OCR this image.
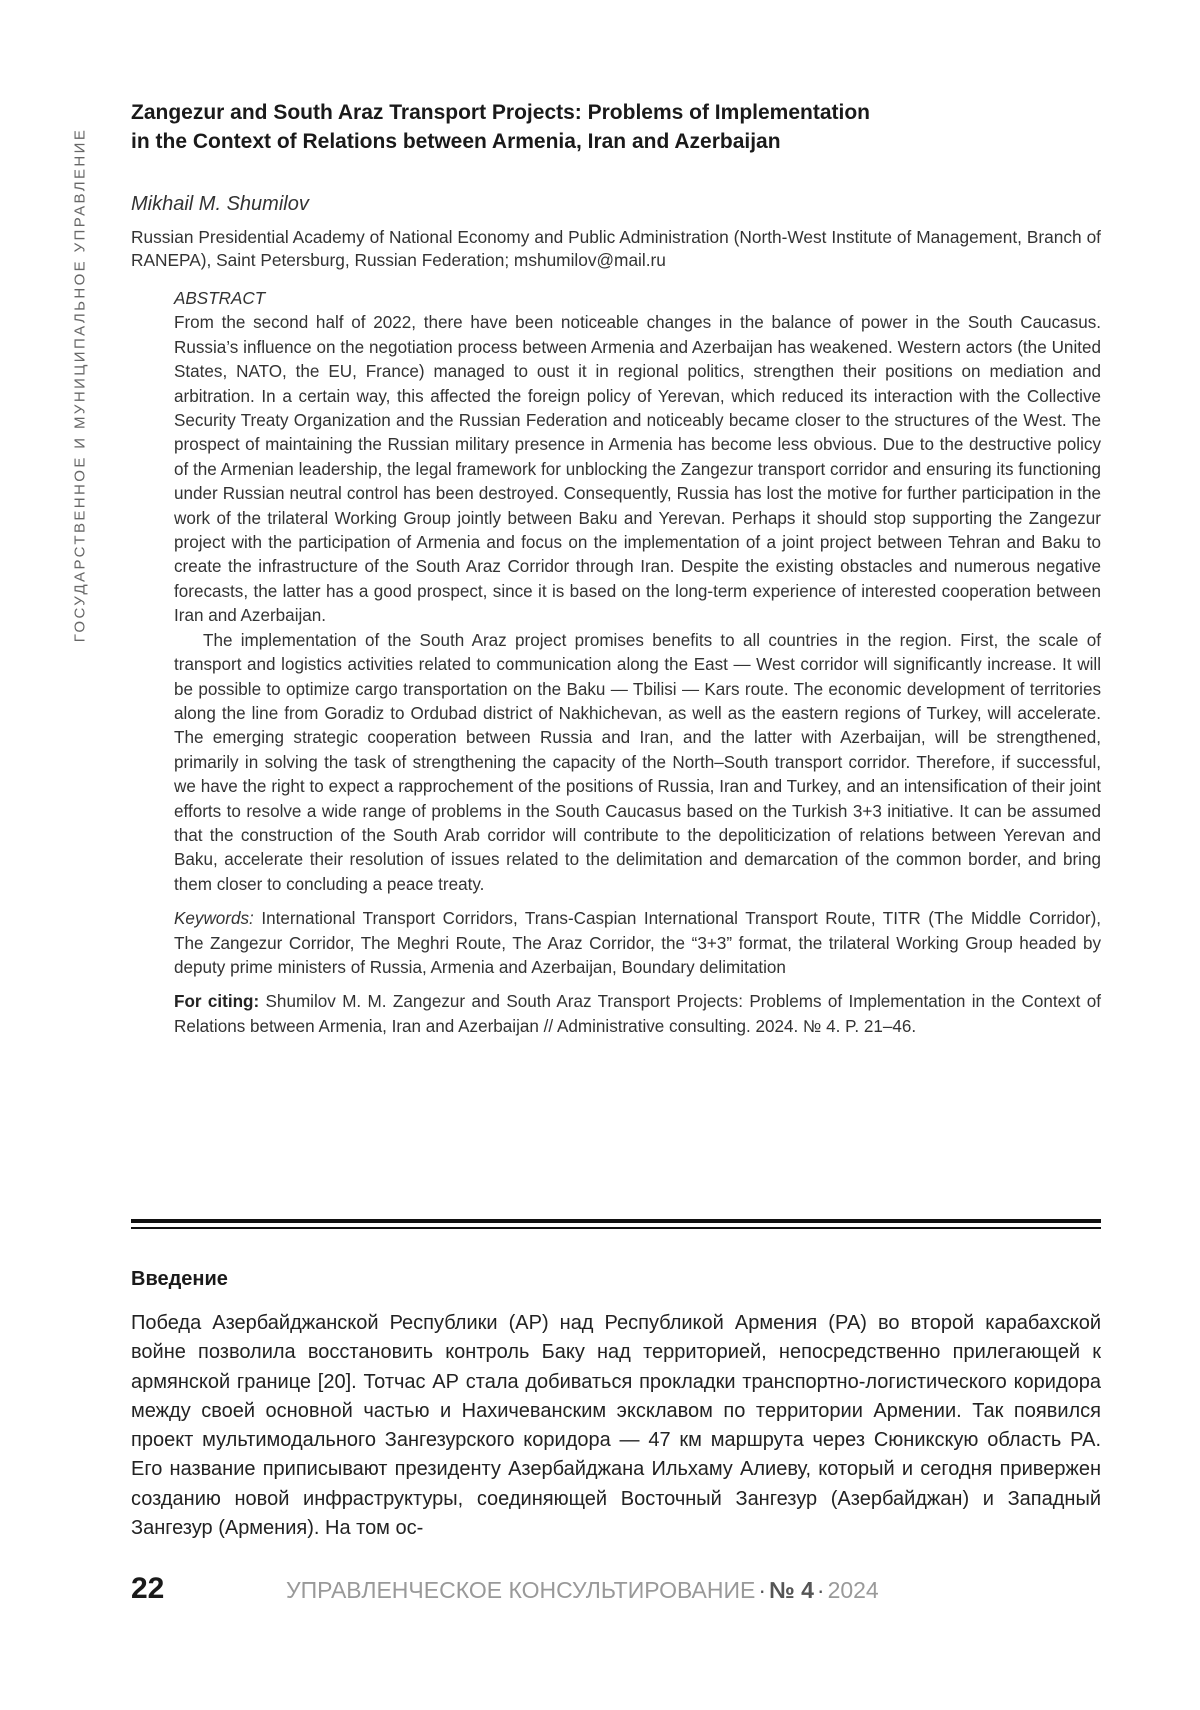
ГОСУДАРСТВЕННОЕ И МУНИЦИПАЛЬНОЕ УПРАВЛЕНИЕ
Zangezur and South Araz Transport Projects: Problems of Implementation
in the Context of Relations between Armenia, Iran and Azerbaijan
Mikhail M. Shumilov
Russian Presidential Academy of National Economy and Public Administration (North-West Institute of Management, Branch of RANEPA), Saint Petersburg, Russian Federation; mshumilov@mail.ru
ABSTRACT

From the second half of 2022, there have been noticeable changes in the balance of power in the South Caucasus. Russia’s influence on the negotiation process between Armenia and Azerbaijan has weakened. Western actors (the United States, NATO, the EU, France) managed to oust it in regional politics, strengthen their positions on mediation and arbitration. In a certain way, this affected the foreign policy of Yerevan, which reduced its interaction with the Collective Security Treaty Organization and the Russian Federation and noticeably became closer to the structures of the West. The prospect of maintaining the Russian military presence in Armenia has become less obvious. Due to the destructive policy of the Armenian leadership, the legal framework for unblocking the Zangezur transport corridor and ensuring its functioning under Russian neutral control has been destroyed. Consequently, Russia has lost the motive for further participation in the work of the trilateral Working Group jointly between Baku and Yerevan. Perhaps it should stop supporting the Zangezur project with the participation of Armenia and focus on the implementation of a joint project between Tehran and Baku to create the infrastructure of the South Araz Corridor through Iran. Despite the existing obstacles and numerous negative forecasts, the latter has a good prospect, since it is based on the long-term experience of interested cooperation between Iran and Azerbaijan.

The implementation of the South Araz project promises benefits to all countries in the region. First, the scale of transport and logistics activities related to communication along the East — West corridor will significantly increase. It will be possible to optimize cargo transportation on the Baku — Tbilisi — Kars route. The economic development of territories along the line from Goradiz to Ordubad district of Nakhichevan, as well as the eastern regions of Turkey, will accelerate. The emerging strategic cooperation between Russia and Iran, and the latter with Azerbaijan, will be strengthened, primarily in solving the task of strengthening the capacity of the North–South transport corridor. Therefore, if successful, we have the right to expect a rapprochement of the positions of Russia, Iran and Turkey, and an intensification of their joint efforts to resolve a wide range of problems in the South Caucasus based on the Turkish 3+3 initiative. It can be assumed that the construction of the South Arab corridor will contribute to the depoliticization of relations between Yerevan and Baku, accelerate their resolution of issues related to the delimitation and demarcation of the common border, and bring them closer to concluding a peace treaty.

Keywords: International Transport Corridors, Trans-Caspian International Transport Route, TITR (The Middle Corridor), The Zangezur Corridor, The Meghri Route, The Araz Corridor, the “3+3” format, the trilateral Working Group headed by deputy prime ministers of Russia, Armenia and Azerbaijan, Boundary delimitation

For citing: Shumilov M. M. Zangezur and South Araz Transport Projects: Problems of Implementation in the Context of Relations between Armenia, Iran and Azerbaijan // Administrative consulting. 2024. № 4. P. 21–46.

Введение

Победа Азербайджанской Республики (АР) над Республикой Армения (РА) во второй карабахской войне позволила восстановить контроль Баку над территорией, непосредственно прилегающей к армянской границе [20]. Тотчас АР стала добиваться прокладки транспортно-логистического коридора между своей основной частью и Нахичеванским эксклавом по территории Армении. Так появился проект мультимодального Зангезурского коридора — 47 км маршрута через Сюникскую область РА. Его название приписывают президенту Азербайджана Ильхаму Алиеву, который и сегодня привержен созданию новой инфраструктуры, соединяющей Восточный Зангезур (Азербайджан) и Западный Зангезур (Армения). На том ос-

22	УПРАВЛЕНЧЕСКОЕ КОНСУЛЬТИРОВАНИЕ · № 4 · 2024
